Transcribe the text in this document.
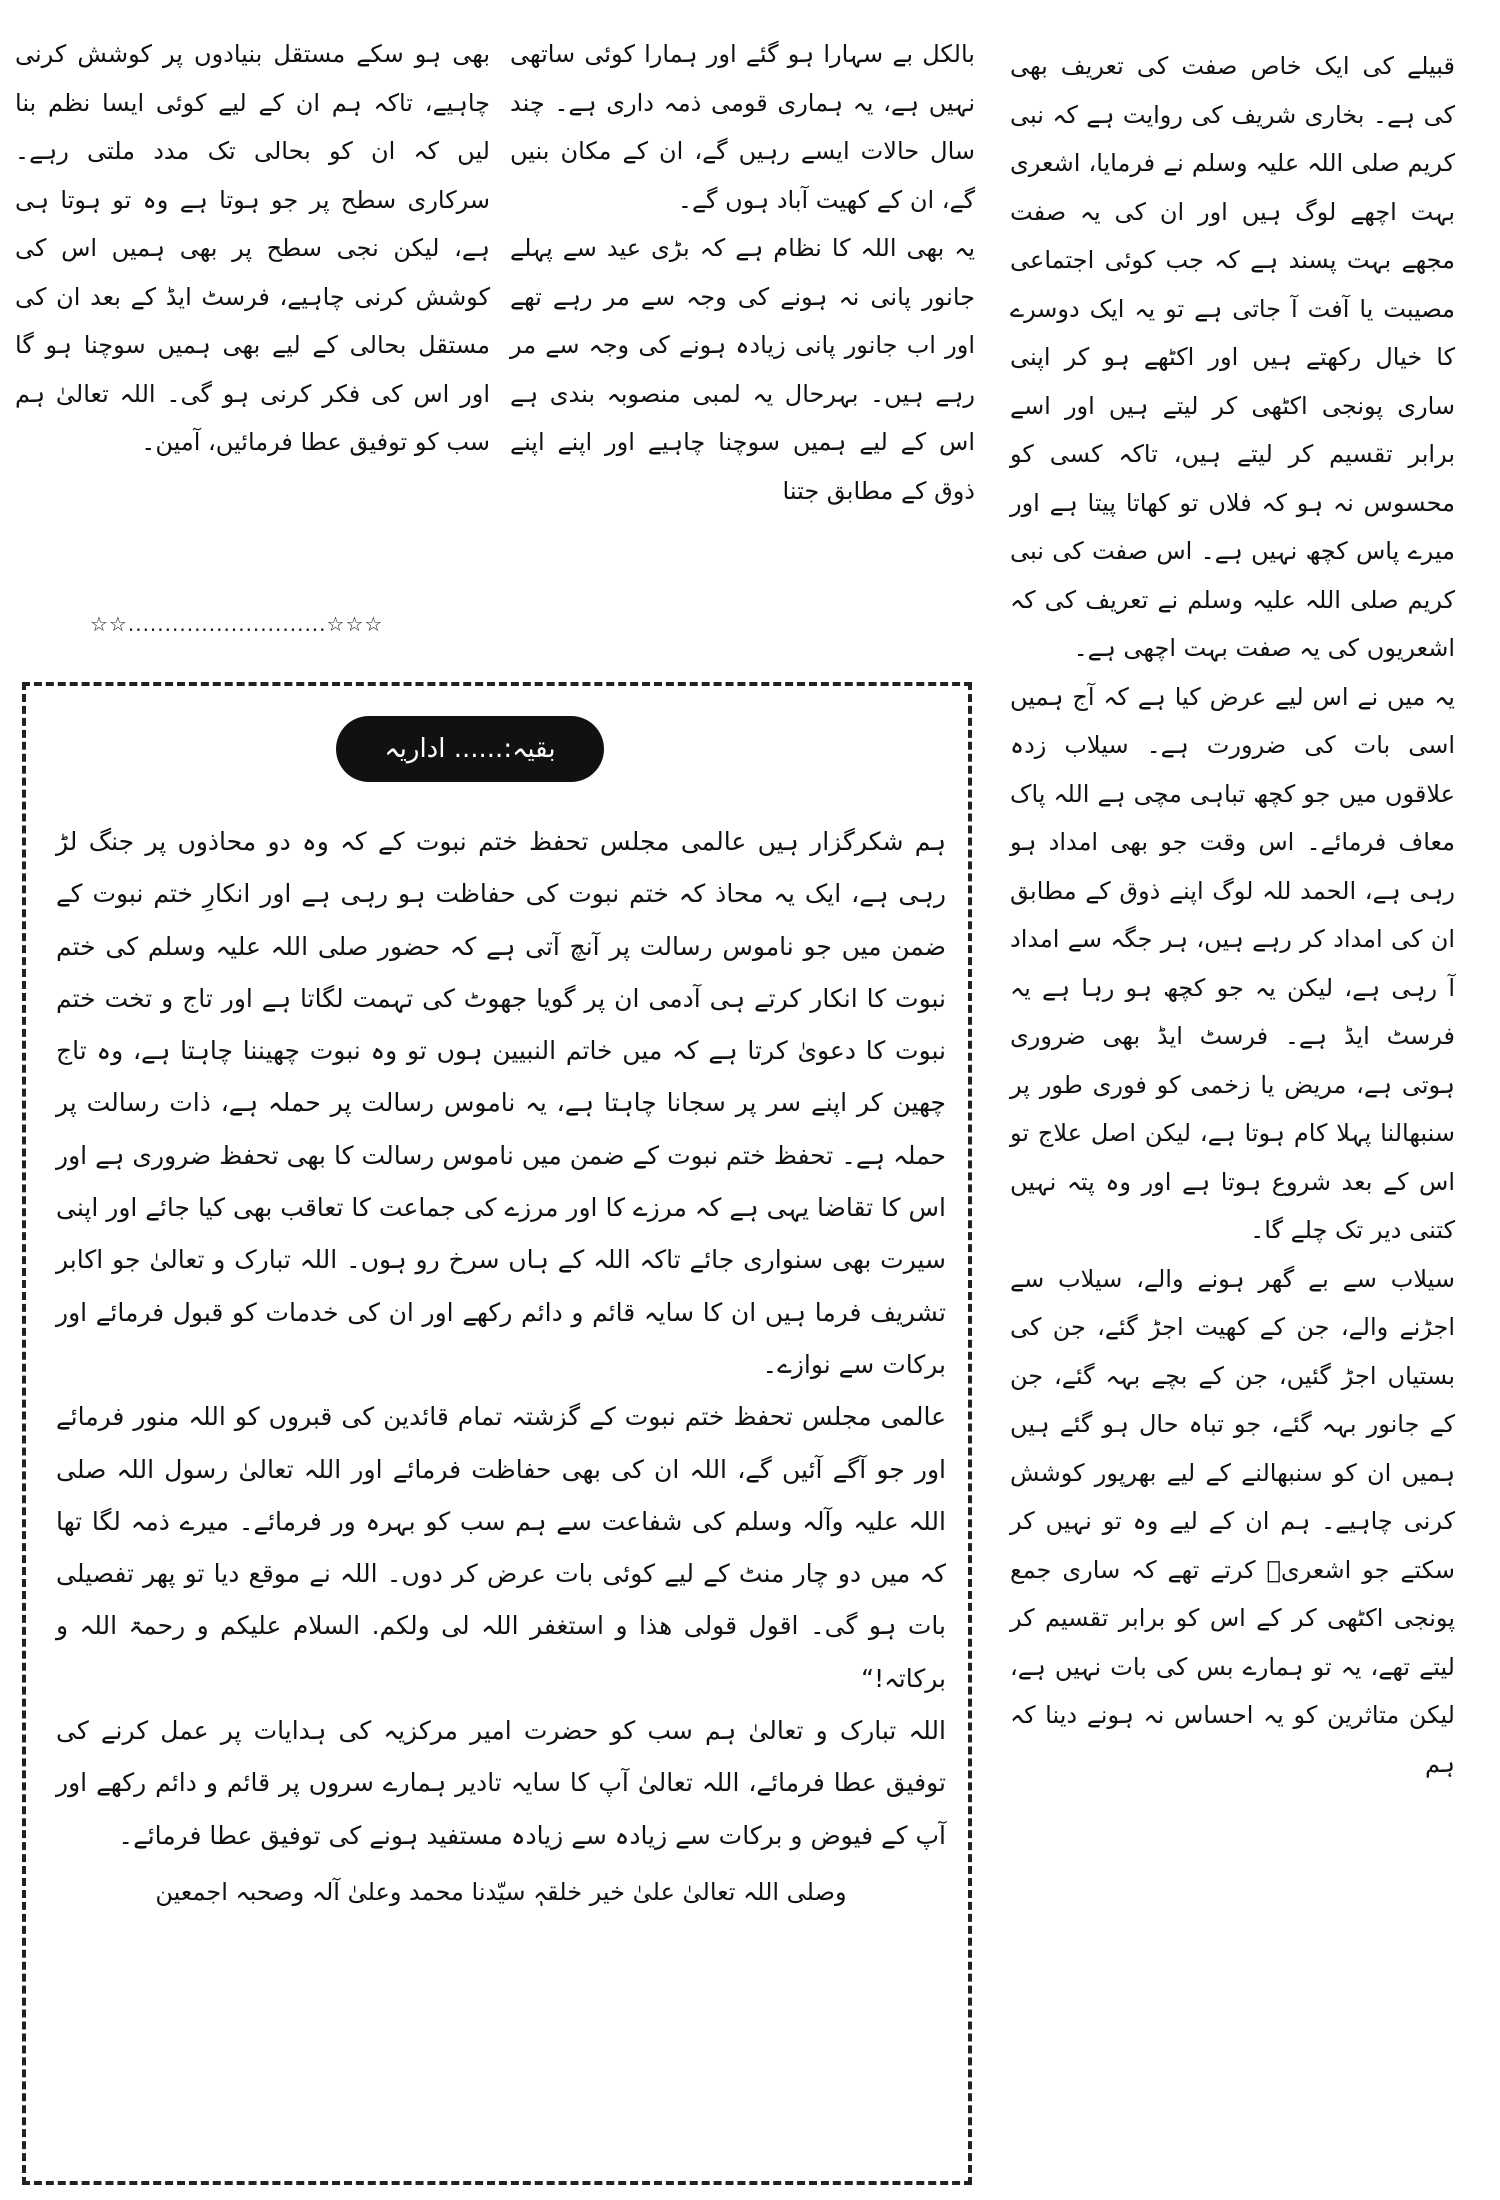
قبیلے کی ایک خاص صفت کی تعریف بھی کی ہے۔ بخاری شریف کی روایت ہے کہ نبی کریم صلی اللہ علیہ وسلم نے فرمایا، اشعری بہت اچھے لوگ ہیں اور ان کی یہ صفت مجھے بہت پسند ہے کہ جب کوئی اجتماعی مصیبت یا آفت آ جاتی ہے تو یہ ایک دوسرے کا خیال رکھتے ہیں اور اکٹھے ہو کر اپنی ساری پونجی اکٹھی کر لیتے ہیں اور اسے برابر تقسیم کر لیتے ہیں، تاکہ کسی کو محسوس نہ ہو کہ فلاں تو کھاتا پیتا ہے اور میرے پاس کچھ نہیں ہے۔ اس صفت کی نبی کریم صلی اللہ علیہ وسلم نے تعریف کی کہ اشعریوں کی یہ صفت بہت اچھی ہے۔

یہ میں نے اس لیے عرض کیا ہے کہ آج ہمیں اسی بات کی ضرورت ہے۔ سیلاب زدہ علاقوں میں جو کچھ تباہی مچی ہے اللہ پاک معاف فرمائے۔ اس وقت جو بھی امداد ہو رہی ہے، الحمد للہ لوگ اپنے ذوق کے مطابق ان کی امداد کر رہے ہیں، ہر جگہ سے امداد آ رہی ہے، لیکن یہ جو کچھ ہو رہا ہے یہ فرسٹ ایڈ ہے۔ فرسٹ ایڈ بھی ضروری ہوتی ہے، مریض یا زخمی کو فوری طور پر سنبھالنا پہلا کام ہوتا ہے، لیکن اصل علاج تو اس کے بعد شروع ہوتا ہے اور وہ پتہ نہیں کتنی دیر تک چلے گا۔

سیلاب سے بے گھر ہونے والے، سیلاب سے اجڑنے والے، جن کے کھیت اجڑ گئے، جن کی بستیاں اجڑ گئیں، جن کے بچے بہہ گئے، جن کے جانور بہہ گئے، جو تباہ حال ہو گئے ہیں ہمیں ان کو سنبھالنے کے لیے بھرپور کوشش کرنی چاہیے۔ ہم ان کے لیے وہ تو نہیں کر سکتے جو اشعریؓ کرتے تھے کہ ساری جمع پونجی اکٹھی کر کے اس کو برابر تقسیم کر لیتے تھے، یہ تو ہمارے بس کی بات نہیں ہے، لیکن متاثرین کو یہ احساس نہ ہونے دینا کہ ہم

بالکل بے سہارا ہو گئے اور ہمارا کوئی ساتھی نہیں ہے، یہ ہماری قومی ذمہ داری ہے۔ چند سال حالات ایسے رہیں گے، ان کے مکان بنیں گے، ان کے کھیت آباد ہوں گے۔

یہ بھی اللہ کا نظام ہے کہ بڑی عید سے پہلے جانور پانی نہ ہونے کی وجہ سے مر رہے تھے اور اب جانور پانی زیادہ ہونے کی وجہ سے مر رہے ہیں۔ بہرحال یہ لمبی منصوبہ بندی ہے اس کے لیے ہمیں سوچنا چاہیے اور اپنے اپنے ذوق کے مطابق جتنا

بھی ہو سکے مستقل بنیادوں پر کوشش کرنی چاہیے، تاکہ ہم ان کے لیے کوئی ایسا نظم بنا لیں کہ ان کو بحالی تک مدد ملتی رہے۔ سرکاری سطح پر جو ہوتا ہے وہ تو ہوتا ہی ہے، لیکن نجی سطح پر بھی ہمیں اس کی کوشش کرنی چاہیے، فرسٹ ایڈ کے بعد ان کی مستقل بحالی کے لیے بھی ہمیں سوچنا ہو گا اور اس کی فکر کرنی ہو گی۔ اللہ تعالیٰ ہم سب کو توفیق عطا فرمائیں، آمین۔

☆☆...........................☆☆☆
بقیہ:...... اداریہ

ہم شکرگزار ہیں عالمی مجلس تحفظ ختم نبوت کے کہ وہ دو محاذوں پر جنگ لڑ رہی ہے، ایک یہ محاذ کہ ختم نبوت کی حفاظت ہو رہی ہے اور انکارِ ختم نبوت کے ضمن میں جو ناموس رسالت پر آنچ آتی ہے کہ حضور صلی اللہ علیہ وسلم کی ختم نبوت کا انکار کرتے ہی آدمی ان پر گویا جھوٹ کی تہمت لگاتا ہے اور تاج و تخت ختم نبوت کا دعویٰ کرتا ہے کہ میں خاتم النبیین ہوں تو وہ نبوت چھیننا چاہتا ہے، وہ تاج چھین کر اپنے سر پر سجانا چاہتا ہے، یہ ناموس رسالت پر حملہ ہے، ذات رسالت پر حملہ ہے۔ تحفظ ختم نبوت کے ضمن میں ناموس رسالت کا بھی تحفظ ضروری ہے اور اس کا تقاضا یہی ہے کہ مرزے کا اور مرزے کی جماعت کا تعاقب بھی کیا جائے اور اپنی سیرت بھی سنواری جائے تاکہ اللہ کے ہاں سرخ رو ہوں۔ اللہ تبارک و تعالیٰ جو اکابر تشریف فرما ہیں ان کا سایہ قائم و دائم رکھے اور ان کی خدمات کو قبول فرمائے اور برکات سے نوازے۔

عالمی مجلس تحفظ ختم نبوت کے گزشتہ تمام قائدین کی قبروں کو اللہ منور فرمائے اور جو آگے آئیں گے، اللہ ان کی بھی حفاظت فرمائے اور اللہ تعالیٰ رسول اللہ صلی اللہ علیہ وآلہ وسلم کی شفاعت سے ہم سب کو بہرہ ور فرمائے۔ میرے ذمہ لگا تھا کہ میں دو چار منٹ کے لیے کوئی بات عرض کر دوں۔ اللہ نے موقع دیا تو پھر تفصیلی بات ہو گی۔ اقول قولی ھذا و استغفر اللہ لی ولکم. السلام علیکم و رحمۃ اللہ و برکاتہ!“

اللہ تبارک و تعالیٰ ہم سب کو حضرت امیر مرکزیہ کی ہدایات پر عمل کرنے کی توفیق عطا فرمائے، اللہ تعالیٰ آپ کا سایہ تادیر ہمارے سروں پر قائم و دائم رکھے اور آپ کے فیوض و برکات سے زیادہ سے زیادہ مستفید ہونے کی توفیق عطا فرمائے۔

وصلی اللہ تعالیٰ علیٰ خیر خلقہٖ سیّدنا محمد وعلیٰ آلہ وصحبہ اجمعین
